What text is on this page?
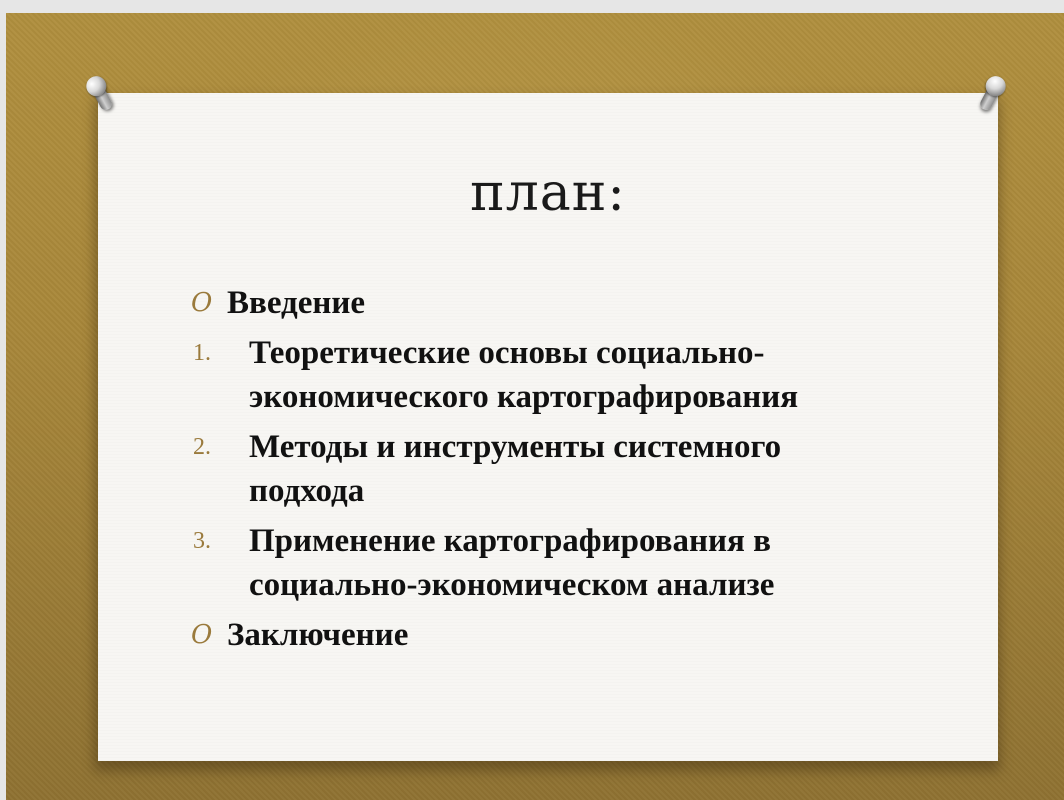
план:
O Введение
1.	Теоретические основы социально-экономического картографирования
2.	Методы и инструменты системного подхода
3.	Применение картографирования в социально-экономическом анализе
O Заключение
